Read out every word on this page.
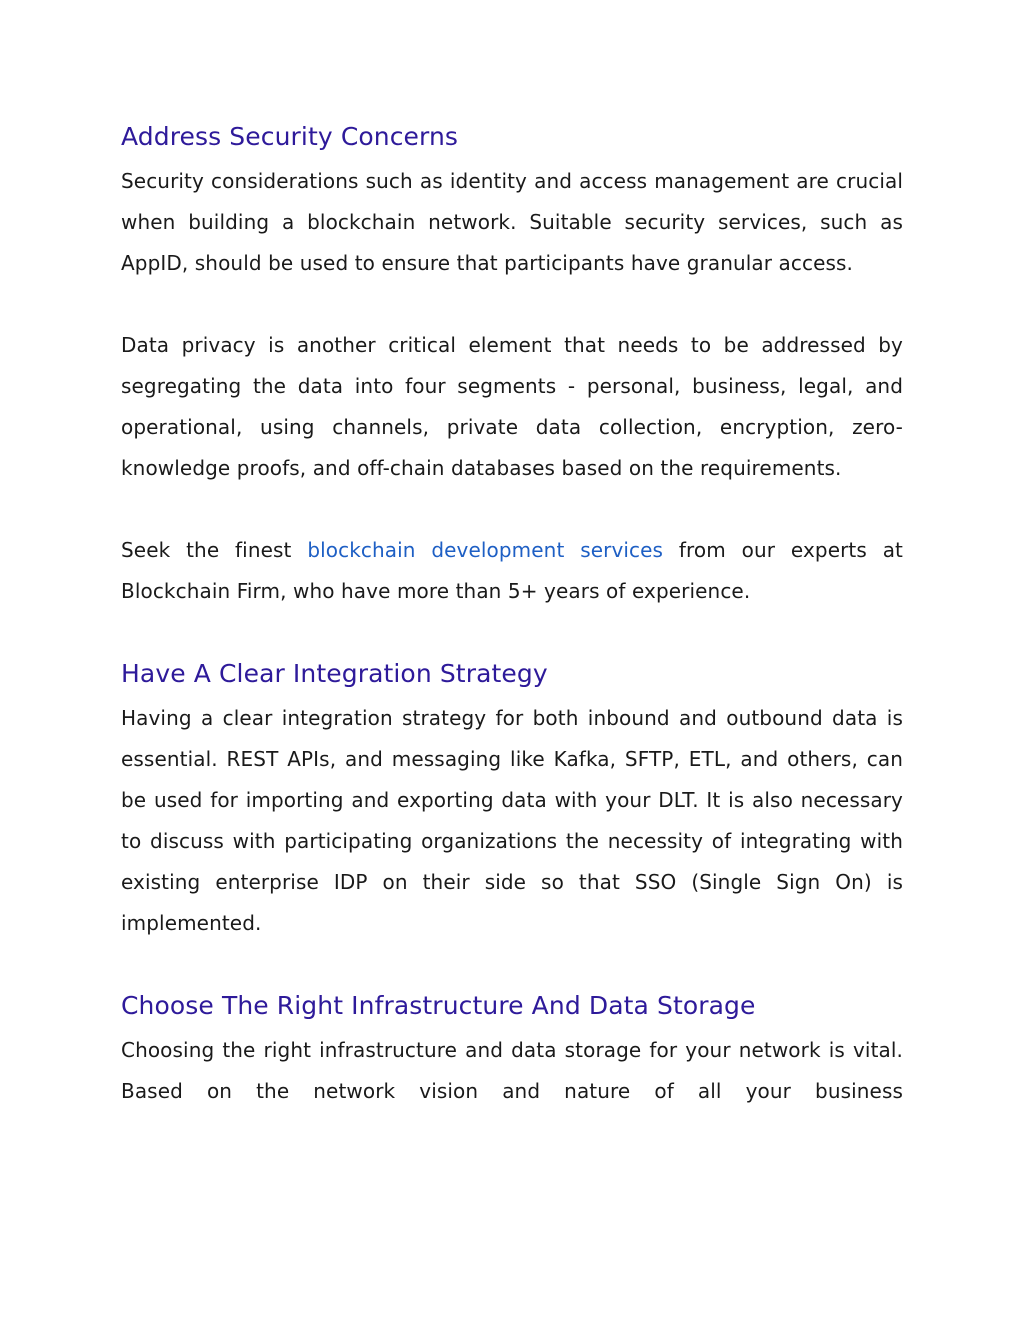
Address Security Concerns

Security considerations such as identity and access management are crucial when building a blockchain network. Suitable security services, such as AppID, should be used to ensure that participants have granular access.

Data privacy is another critical element that needs to be addressed by segregating the data into four segments - personal, business, legal, and operational, using channels, private data collection, encryption, zero-knowledge proofs, and off-chain databases based on the requirements.

Seek the finest blockchain development services from our experts at Blockchain Firm, who have more than 5+ years of experience.

Have A Clear Integration Strategy

Having a clear integration strategy for both inbound and outbound data is essential. REST APIs, and messaging like Kafka, SFTP, ETL, and others, can be used for importing and exporting data with your DLT. It is also necessary to discuss with participating organizations the necessity of integrating with existing enterprise IDP on their side so that SSO (Single Sign On) is implemented.

Choose The Right Infrastructure And Data Storage

Choosing the right infrastructure and data storage for your network is vital. Based on the network vision and nature of all your business
